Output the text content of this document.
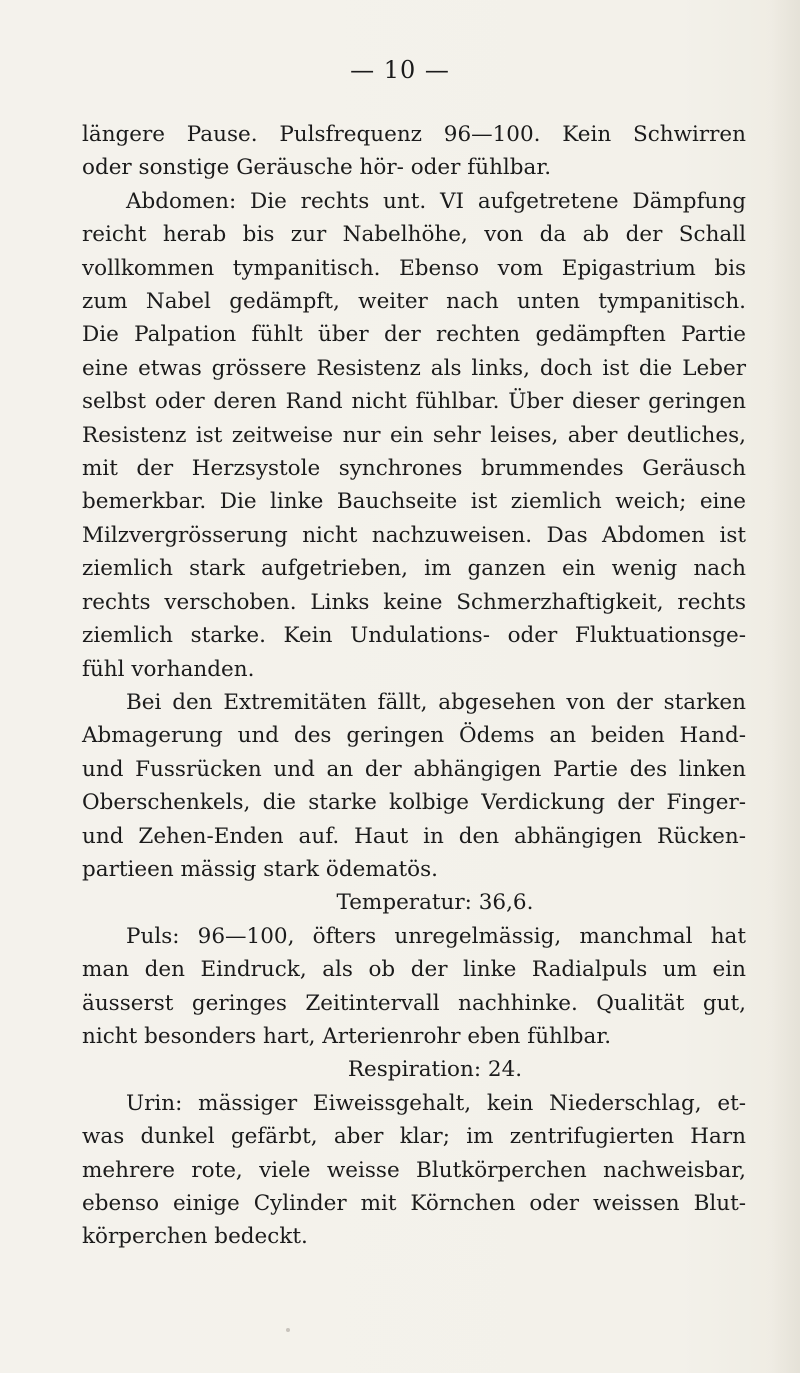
— 10 —
längere Pause. Pulsfrequenz 96—100. Kein Schwirren
oder sonstige Geräusche hör- oder fühlbar.
Abdomen: Die rechts unt. VI aufgetretene Dämpfung
reicht herab bis zur Nabelhöhe, von da ab der Schall
vollkommen tympanitisch. Ebenso vom Epigastrium bis
zum Nabel gedämpft, weiter nach unten tympanitisch.
Die Palpation fühlt über der rechten gedämpften Partie
eine etwas grössere Resistenz als links, doch ist die Leber
selbst oder deren Rand nicht fühlbar. Über dieser geringen
Resistenz ist zeitweise nur ein sehr leises, aber deutliches,
mit der Herzsystole synchrones brummendes Geräusch
bemerkbar. Die linke Bauchseite ist ziemlich weich; eine
Milzvergrösserung nicht nachzuweisen. Das Abdomen ist
ziemlich stark aufgetrieben, im ganzen ein wenig nach
rechts verschoben. Links keine Schmerzhaftigkeit, rechts
ziemlich starke. Kein Undulations- oder Fluktuationsge-
fühl vorhanden.
Bei den Extremitäten fällt, abgesehen von der starken
Abmagerung und des geringen Ödems an beiden Hand-
und Fussrücken und an der abhängigen Partie des linken
Oberschenkels, die starke kolbige Verdickung der Finger-
und Zehen-Enden auf. Haut in den abhängigen Rücken-
partieen mässig stark ödematös.
Temperatur: 36,6.
Puls: 96—100, öfters unregelmässig, manchmal hat
man den Eindruck, als ob der linke Radialpuls um ein
äusserst geringes Zeitintervall nachhinke. Qualität gut,
nicht besonders hart, Arterienrohr eben fühlbar.
Respiration: 24.
Urin: mässiger Eiweissgehalt, kein Niederschlag, et-
was dunkel gefärbt, aber klar; im zentrifugierten Harn
mehrere rote, viele weisse Blutkörperchen nachweisbar,
ebenso einige Cylinder mit Körnchen oder weissen Blut-
körperchen bedeckt.
